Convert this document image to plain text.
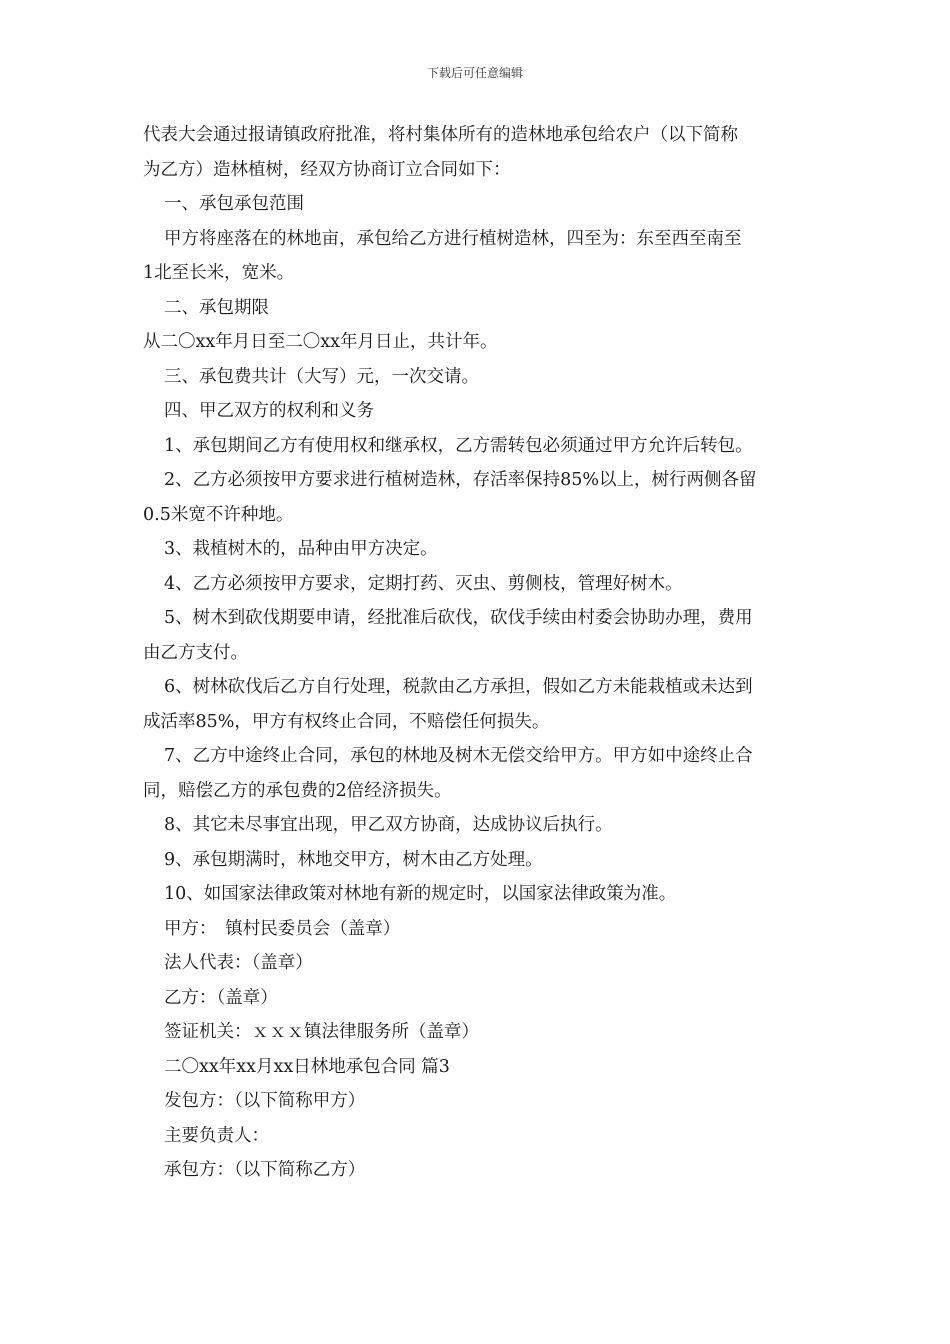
下载后可任意编辑
代表大会通过报请镇政府批准，将村集体所有的造林地承包给农户（以下简称
为乙方）造林植树，经双方协商订立合同如下：
一、承包承包范围
甲方将座落在的林地亩，承包给乙方进行植树造林，四至为：东至西至南至
1北至长米，宽米。
二、承包期限
从二〇xx年月日至二〇xx年月日止，共计年。
三、承包费共计（大写）元，一次交请。
四、甲乙双方的权利和义务
1、承包期间乙方有使用权和继承权，乙方需转包必须通过甲方允许后转包。
2、乙方必须按甲方要求进行植树造林，存活率保持85%以上，树行两侧各留
0.5米宽不许种地。
3、栽植树木的，品种由甲方决定。
4、乙方必须按甲方要求，定期打药、灭虫、剪侧枝，管理好树木。
5、树木到砍伐期要申请，经批准后砍伐，砍伐手续由村委会协助办理，费用
由乙方支付。
6、树林砍伐后乙方自行处理，税款由乙方承担，假如乙方未能栽植或未达到
成活率85%，甲方有权终止合同，不赔偿任何损失。
7、乙方中途终止合同，承包的林地及树木无偿交给甲方。甲方如中途终止合
同，赔偿乙方的承包费的2倍经济损失。
8、其它未尽事宜出现，甲乙双方协商，达成协议后执行。
9、承包期满时，林地交甲方，树木由乙方处理。
10、如国家法律政策对林地有新的规定时，以国家法律政策为准。
甲方：　镇村民委员会（盖章）
法人代表：（盖章）
乙方：（盖章）
签证机关：ｘｘｘ镇法律服务所（盖章）
二〇xx年xx月xx日林地承包合同 篇3
发包方：（以下简称甲方）
主要负责人：
承包方：（以下简称乙方）
